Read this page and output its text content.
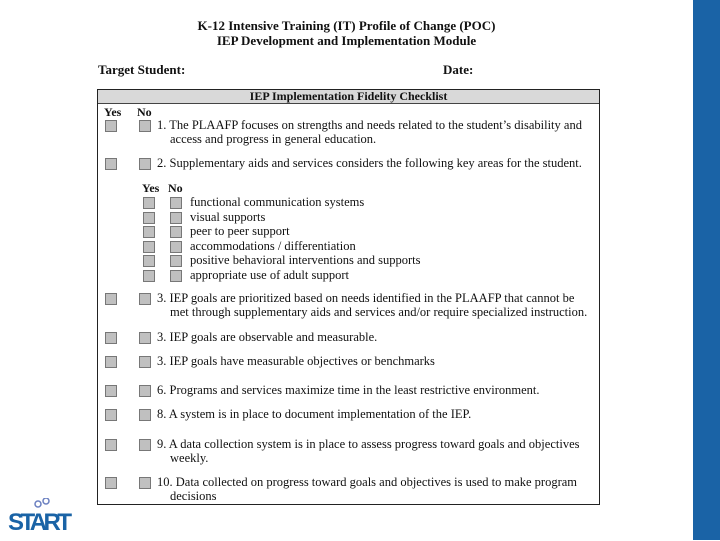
K-12 Intensive Training (IT) Profile of Change (POC)
IEP Development and Implementation Module
Target Student:	Date:
IEP Implementation Fidelity Checklist
Yes No
Yes No
1. The PLAAFP focuses on strengths and needs related to the student’s disability and
access and progress in general education.
2. Supplementary aids and services considers the following key areas for the student.
3. IEP goals are prioritized based on needs identified in the PLAAFP that cannot be
met through supplementary aids and services and/or require specialized instruction.
3. IEP goals are observable and measurable.
3. IEP goals have measurable objectives or benchmarks
6. Programs and services maximize time in the least restrictive environment.
8. A system is in place to document implementation of the IEP.
9. A data collection system is in place to assess progress toward goals and objectives
weekly.
10. Data collected on progress toward goals and objectives is used to make program
decisions
functional communication systems
visual supports
peer to peer support
accommodations / differentiation
positive behavioral interventions and supports
appropriate use of adult support
START
